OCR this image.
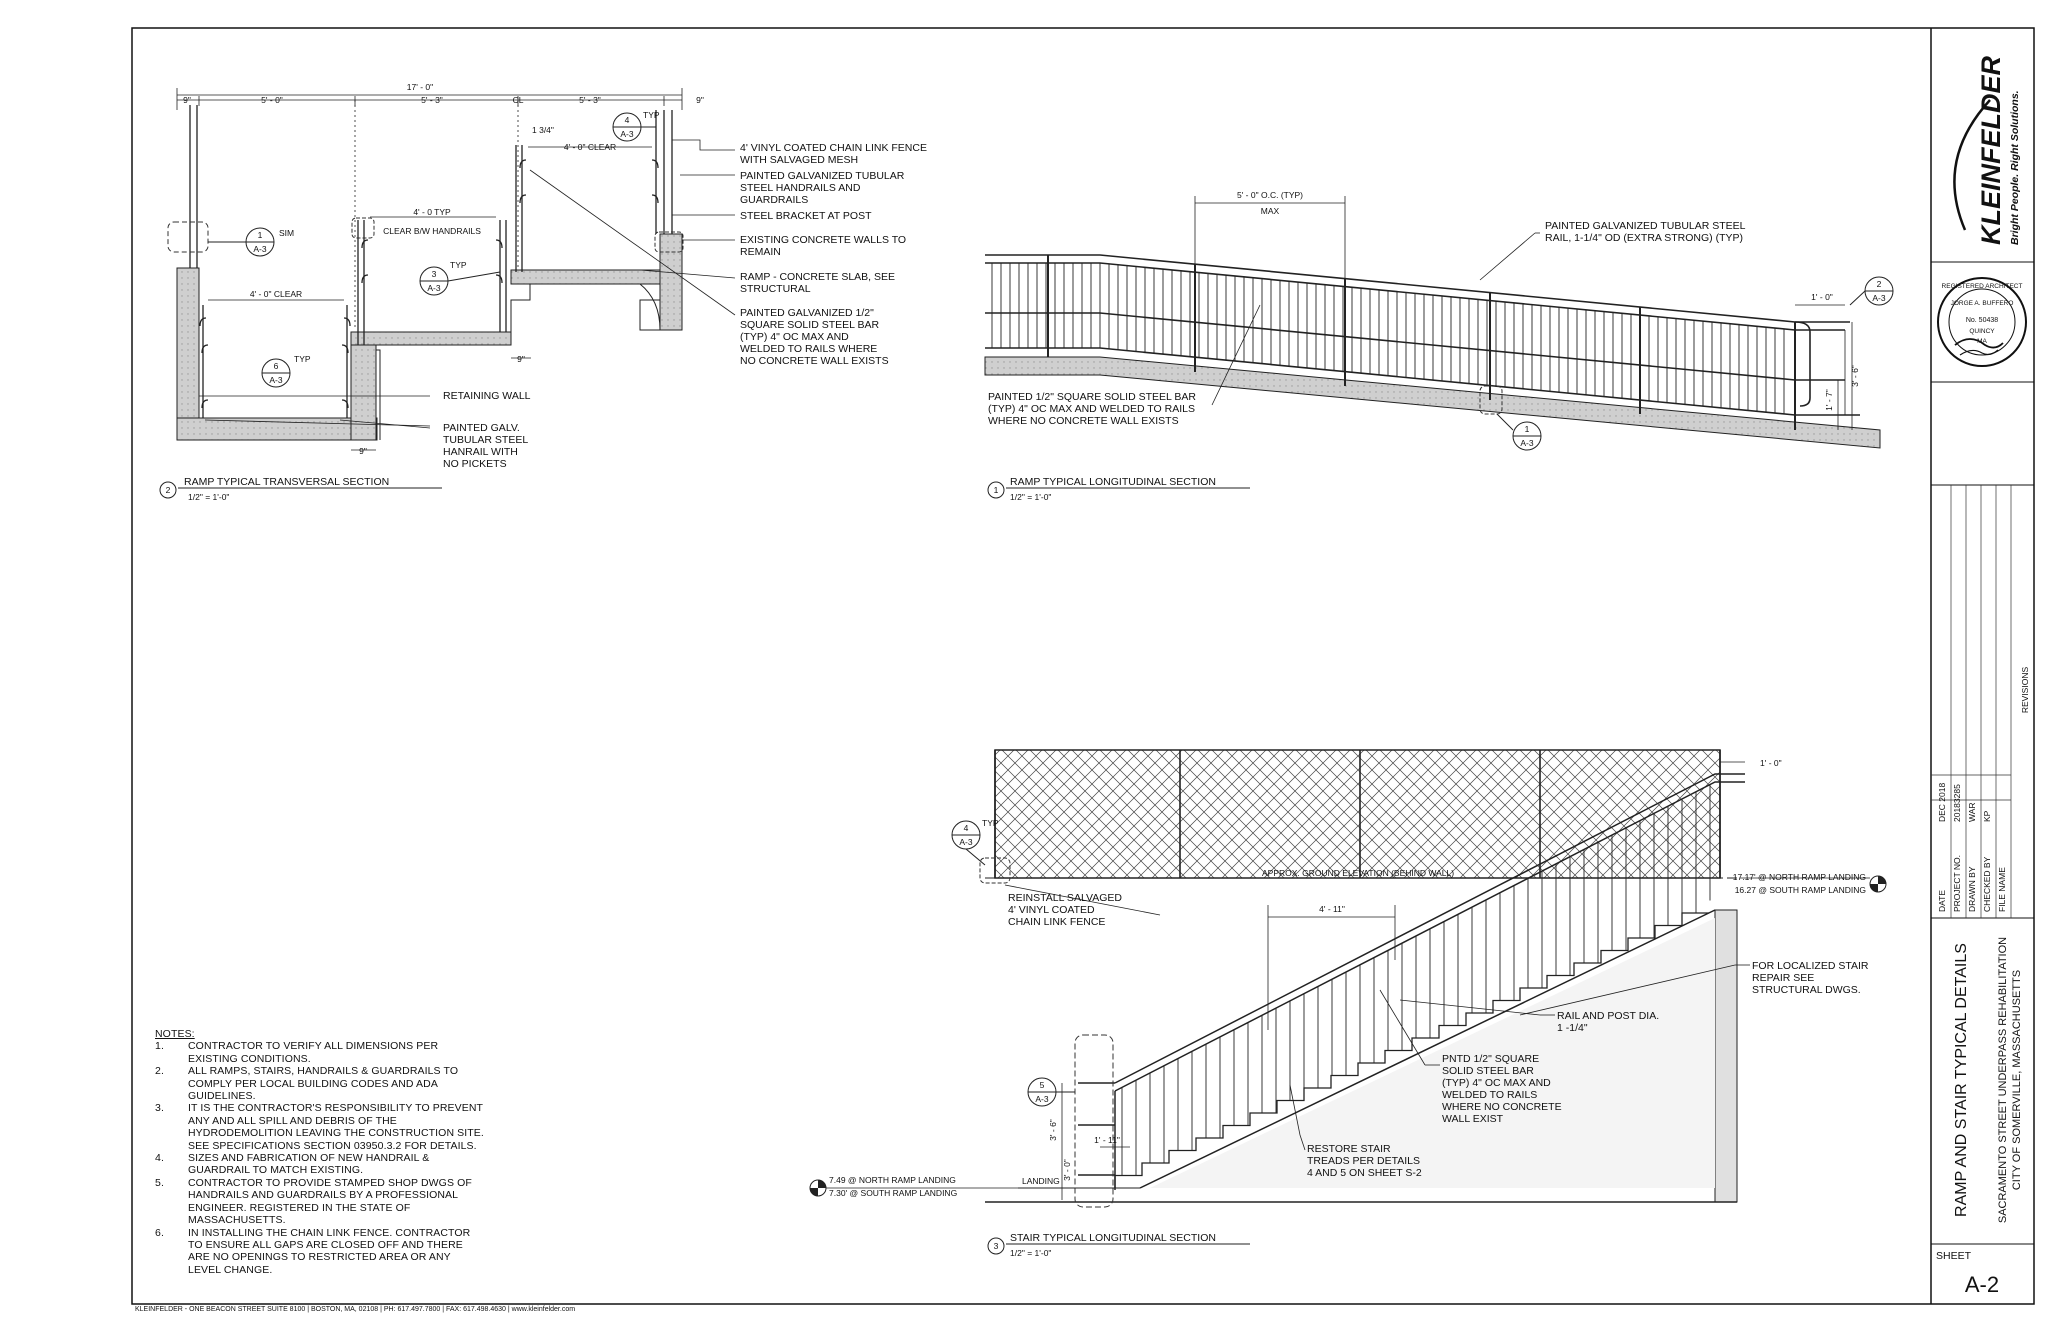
17' - 0"
9"	5' - 0"	5' - 3"	CL	5' - 3"	9"
1 3/4"
4' - 0" CLEAR
4' - 0 TYP
CLEAR B/W HANDRAILS
4' - 0" CLEAR
9"
9"
1
A-3
SIM
3
A-3
TYP
4
A-3
TYP
6
A-3
TYP
4' VINYL COATED CHAIN LINK FENCE
WITH SALVAGED MESH
PAINTED GALVANIZED TUBULAR
STEEL HANDRAILS AND
GUARDRAILS
STEEL BRACKET AT POST
EXISTING CONCRETE WALLS TO
REMAIN
RAMP - CONCRETE SLAB, SEE
STRUCTURAL
PAINTED GALVANIZED 1/2"
SQUARE SOLID STEEL BAR
(TYP) 4" OC MAX AND
WELDED TO RAILS WHERE
NO CONCRETE WALL EXISTS
RETAINING WALL
PAINTED GALV.
TUBULAR STEEL
HANRAIL WITH
NO PICKETS
2
RAMP TYPICAL TRANSVERSAL SECTION
1/2" = 1'-0"
5' - 0" O.C. (TYP)
MAX
1' - 0"
3' - 6"
1' - 7"
2
A-3
1
A-3
PAINTED GALVANIZED TUBULAR STEEL
RAIL, 1-1/4" OD (EXTRA STRONG) (TYP)
PAINTED 1/2" SQUARE SOLID STEEL BAR
(TYP) 4" OC MAX AND WELDED TO RAILS
WHERE NO CONCRETE WALL EXISTS
1
RAMP TYPICAL LONGITUDINAL SECTION
1/2" = 1'-0"
1' - 0"
4' - 11"
3' - 6"
3' - 0"
1' - 11"
APPROX. GROUND ELEVATION (BEHIND WALL)
LANDING
17.17' @ NORTH RAMP LANDING
16.27 @ SOUTH RAMP LANDING
7.49 @ NORTH RAMP LANDING
7.30' @ SOUTH RAMP LANDING
4
A-3
TYP
5
A-3
REINSTALL SALVAGED
4' VINYL COATED
CHAIN LINK FENCE
FOR LOCALIZED STAIR
REPAIR SEE
STRUCTURAL DWGS.
RAIL AND POST DIA.
1 -1/4"
PNTD 1/2" SQUARE
SOLID STEEL BAR
(TYP) 4" OC MAX AND
WELDED TO RAILS
WHERE NO CONCRETE
WALL EXIST
RESTORE STAIR
TREADS PER DETAILS
4 AND 5 ON SHEET S-2
3
STAIR TYPICAL LONGITUDINAL SECTION
1/2" = 1'-0"
KLEINFELDER Bright People. Right Solutions.
REGISTERED ARCHITECT
JORGE A. BUFFERO
No. 50438
QUINCY
MA
REVISIONS
DATE
DEC 2018
PROJECT NO.
20183285
DRAWN BY
WAR
CHECKED BY
KP
FILE NAME
RAMP AND STAIR TYPICAL DETAILS SACRAMENTO STREET UNDERPASS REHABILITATION CITY OF SOMERVILLE, MASSACHUSETTS
SHEET
A-2
NOTES:
1.	CONTRACTOR TO VERIFY ALL DIMENSIONS PER EXISTING CONDITIONS.
2.	ALL RAMPS, STAIRS, HANDRAILS & GUARDRAILS TO COMPLY PER LOCAL BUILDING CODES AND ADA GUIDELINES.
3.	IT IS THE CONTRACTOR'S RESPONSIBILITY TO PREVENT ANY AND ALL SPILL AND DEBRIS OF THE HYDRODEMOLITION LEAVING THE CONSTRUCTION SITE. SEE SPECIFICATIONS SECTION 03950.3.2 FOR DETAILS.
4.	SIZES AND FABRICATION OF NEW HANDRAIL & GUARDRAIL TO MATCH EXISTING.
5.	CONTRACTOR TO PROVIDE STAMPED SHOP DWGS OF HANDRAILS AND GUARDRAILS BY A PROFESSIONAL ENGINEER. REGISTERED IN THE STATE OF MASSACHUSETTS.
6.	IN INSTALLING THE CHAIN LINK FENCE. CONTRACTOR TO ENSURE ALL GAPS ARE CLOSED OFF AND THERE ARE NO OPENINGS TO RESTRICTED AREA OR ANY LEVEL CHANGE.
KLEINFELDER - ONE BEACON STREET SUITE 8100 | BOSTON, MA, 02108 | PH: 617.497.7800 | FAX: 617.498.4630 | www.kleinfelder.com
